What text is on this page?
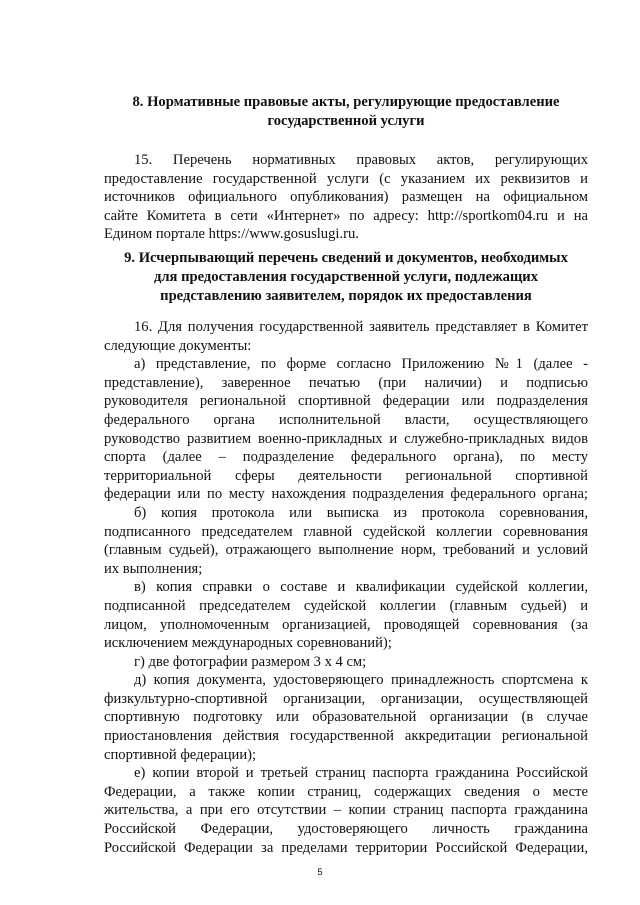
8. Нормативные правовые акты, регулирующие предоставление
государственной услуги
15. Перечень нормативных правовых актов, регулирующих
предоставление государственной услуги (с указанием их реквизитов и
источников официального опубликования) размещен на официальном
сайте Комитета в сети «Интернет» по адресу: http://sportkom04.ru и на
Едином портале https://www.gosuslugi.ru.
9. Исчерпывающий перечень сведений и документов, необходимых
для предоставления государственной услуги, подлежащих
представлению заявителем, порядок их предоставления
16. Для получения государственной заявитель представляет в Комитет
следующие документы:
а) представление, по форме согласно Приложению №1 (далее -
представление), заверенное печатью (при наличии) и подписью
руководителя региональной спортивной федерации или подразделения
федерального органа исполнительной власти, осуществляющего
руководство развитием военно-прикладных и служебно-прикладных видов
спорта (далее – подразделение федерального органа), по месту
территориальной сферы деятельности региональной спортивной
федерации или по месту нахождения подразделения федерального органа;
б) копия протокола или выписка из протокола соревнования,
подписанного председателем главной судейской коллегии соревнования
(главным судьей), отражающего выполнение норм, требований и условий
их выполнения;
в) копия справки о составе и квалификации судейской коллегии,
подписанной председателем судейской коллегии (главным судьей) и
лицом, уполномоченным организацией, проводящей соревнования (за
исключением международных соревнований);
г) две фотографии размером 3 х 4 см;
д) копия документа, удостоверяющего принадлежность спортсмена к
физкультурно-спортивной организации, организации, осуществляющей
спортивную подготовку или образовательной организации (в случае
приостановления действия государственной аккредитации региональной
спортивной федерации);
е) копии второй и третьей страниц паспорта гражданина Российской
Федерации, а также копии страниц, содержащих сведения о месте
жительства, а при его отсутствии – копии страниц паспорта гражданина
Российской Федерации, удостоверяющего личность гражданина
Российской Федерации за пределами территории Российской Федерации,
5
